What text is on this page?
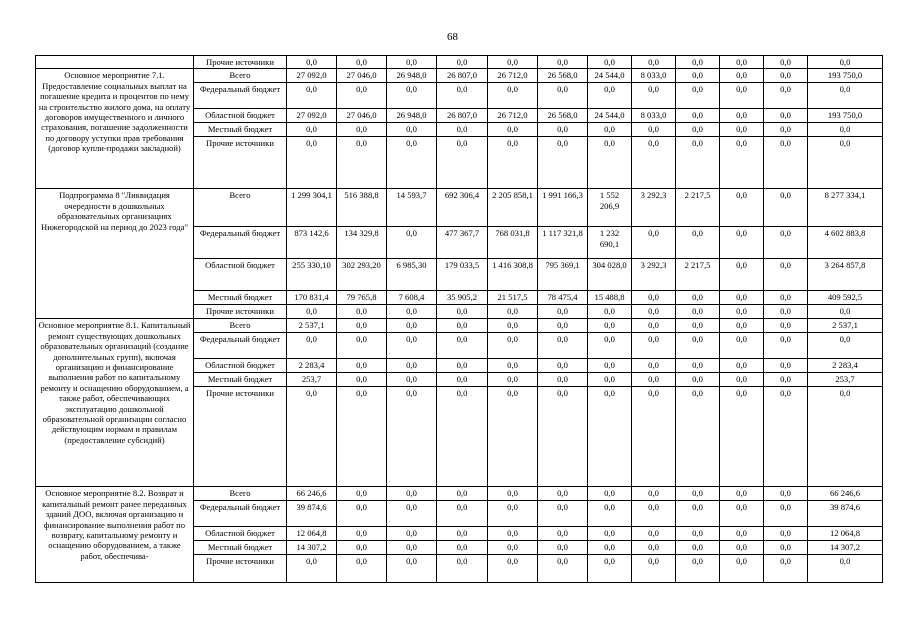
68
	Прочие источники	0,0	0,0	0,0	0,0	0,0	0,0	0,0	0,0	0,0	0,0	0,0	0,0
Основное мероприятие 7.1. Предоставление социальных выплат на погашение кредита и процентов по нему на строительство жилого дома, на оплату договоров имущественного и личного страхования, погашение задолженности по договору уступки прав требования (договор купли-продажи закладной)	Всего	27 092,0	27 046,0	26 948,0	26 807,0	26 712,0	26 568,0	24 544,0	8 033,0	0,0	0,0	0,0	193 750,0
	Федеральный бюджет	0,0	0,0	0,0	0,0	0,0	0,0	0,0	0,0	0,0	0,0	0,0	0,0
	Областной бюджет	27 092,0	27 046,0	26 948,0	26 807,0	26 712,0	26 568,0	24 544,0	8 033,0	0,0	0,0	0,0	193 750,0
	Местный бюджет	0,0	0,0	0,0	0,0	0,0	0,0	0,0	0,0	0,0	0,0	0,0	0,0
	Прочие источники	0,0	0,0	0,0	0,0	0,0	0,0	0,0	0,0	0,0	0,0	0,0	0,0
Подпрограмма 8 "Ликвидация очередности в дошкольных образовательных организациях Нижегородской на период до 2023 года"	Всего	1 299 304,1	516 388,8	14 593,7	692 306,4	2 205 858,1	1 991 166,3	1 552 206,9	3 292,3	2 217,5	0,0	0,0	8 277 334,1
	Федеральный бюджет	873 142,6	134 329,8	0,0	477 367,7	768 031,8	1 117 321,8	1 232 690,1	0,0	0,0	0,0	0,0	4 602 883,8
	Областной бюджет	255 330,10	302 293,20	6 985,30	179 033,5	1 416 308,8	795 369,1	304 028,0	3 292,3	2 217,5	0,0	0,0	3 264 857,8
	Местный бюджет	170 831,4	79 765,8	7 608,4	35 905,2	21 517,5	78 475,4	15 488,8	0,0	0,0	0,0	0,0	409 592,5
	Прочие источники	0,0	0,0	0,0	0,0	0,0	0,0	0,0	0,0	0,0	0,0	0,0	0,0
Основное мероприятие 8.1. Капитальный ремонт существующих дошкольных образовательных организаций (создание дополнительных групп), включая организацию и финансирование выполнения работ по капитальному ремонту и оснащению оборудованием, а также работ, обеспечивающих эксплуатацию дошкольной образовательной организации согласно действующим нормам и правилам (предоставление субсидий)	Всего	2 537,1	0,0	0,0	0,0	0,0	0,0	0,0	0,0	0,0	0,0	0,0	2 537,1
	Федеральный бюджет	0,0	0,0	0,0	0,0	0,0	0,0	0,0	0,0	0,0	0,0	0,0	0,0
	Областной бюджет	2 283,4	0,0	0,0	0,0	0,0	0,0	0,0	0,0	0,0	0,0	0,0	2 283,4
	Местный бюджет	253,7	0,0	0,0	0,0	0,0	0,0	0,0	0,0	0,0	0,0	0,0	253,7
	Прочие источники	0,0	0,0	0,0	0,0	0,0	0,0	0,0	0,0	0,0	0,0	0,0	0,0
Основное мероприятие 8.2. Возврат и капитальный ремонт ранее переданных зданий ДОО, включая организацию и финансирование выполнения работ по возврату, капитальному ремонту и оснащению оборудованием, а также работ, обеспечива-	Всего	66 246,6	0,0	0,0	0,0	0,0	0,0	0,0	0,0	0,0	0,0	0,0	66 246,6
	Федеральный бюджет	39 874,6	0,0	0,0	0,0	0,0	0,0	0,0	0,0	0,0	0,0	0,0	39 874,6
	Областной бюджет	12 064,8	0,0	0,0	0,0	0,0	0,0	0,0	0,0	0,0	0,0	0,0	12 064,8
	Местный бюджет	14 307,2	0,0	0,0	0,0	0,0	0,0	0,0	0,0	0,0	0,0	0,0	14 307,2
	Прочие источники	0,0	0,0	0,0	0,0	0,0	0,0	0,0	0,0	0,0	0,0	0,0	0,0
